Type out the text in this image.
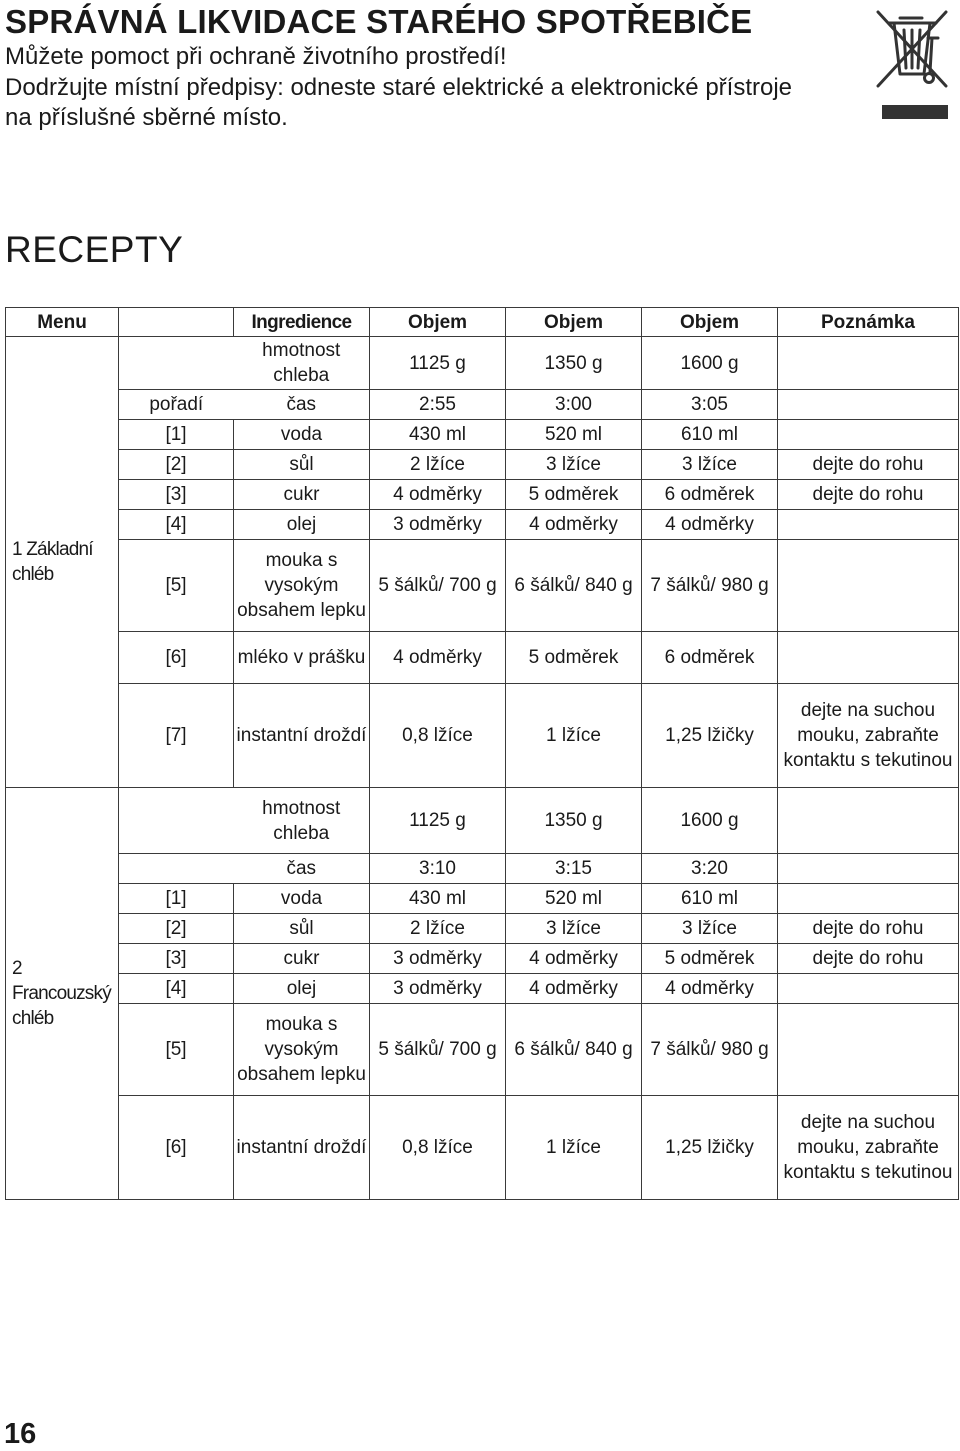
SPRÁVNÁ LIKVIDACE STARÉHO SPOTŘEBIČE
Můžete pomoct při ochraně životního prostředí!
Dodržujte místní předpisy: odneste staré elektrické a elektronické přístroje
na příslušné sběrné místo.
RECEPTY
Menu		Ingredience	Objem	Objem	Objem	Poznámka
1 Základní chléb		hmotnost chleba	1125 g	1350 g	1600 g	
	pořadí	čas	2:55	3:00	3:05	
	[1]	voda	430 ml	520 ml	610 ml	
	[2]	sůl	2 lžíce	3 lžíce	3 lžíce	dejte do rohu
	[3]	cukr	4 odměrky	5 odměrek	6 odměrek	dejte do rohu
	[4]	olej	3 odměrky	4 odměrky	4 odměrky	
	[5]	mouka s vysokým obsahem lepku	5 šálků/ 700 g	6 šálků/ 840 g	7 šálků/ 980 g	
	[6]	mléko v prášku	4 odměrky	5 odměrek	6 odměrek	
	[7]	instantní droždí	0,8 lžíce	1 lžíce	1,25 lžičky	dejte na suchou mouku, zabraňte kontaktu s tekutinou
2 Francouzský chléb		hmotnost chleba	1125 g	1350 g	1600 g	
		čas	3:10	3:15	3:20	
	[1]	voda	430 ml	520 ml	610 ml	
	[2]	sůl	2 lžíce	3 lžíce	3 lžíce	dejte do rohu
	[3]	cukr	3 odměrky	4 odměrky	5 odměrek	dejte do rohu
	[4]	olej	3 odměrky	4 odměrky	4 odměrky	
	[5]	mouka s vysokým obsahem lepku	5 šálků/ 700 g	6 šálků/ 840 g	7 šálků/ 980 g	
	[6]	instantní droždí	0,8 lžíce	1 lžíce	1,25 lžičky	dejte na suchou mouku, zabraňte kontaktu s tekutinou
16
